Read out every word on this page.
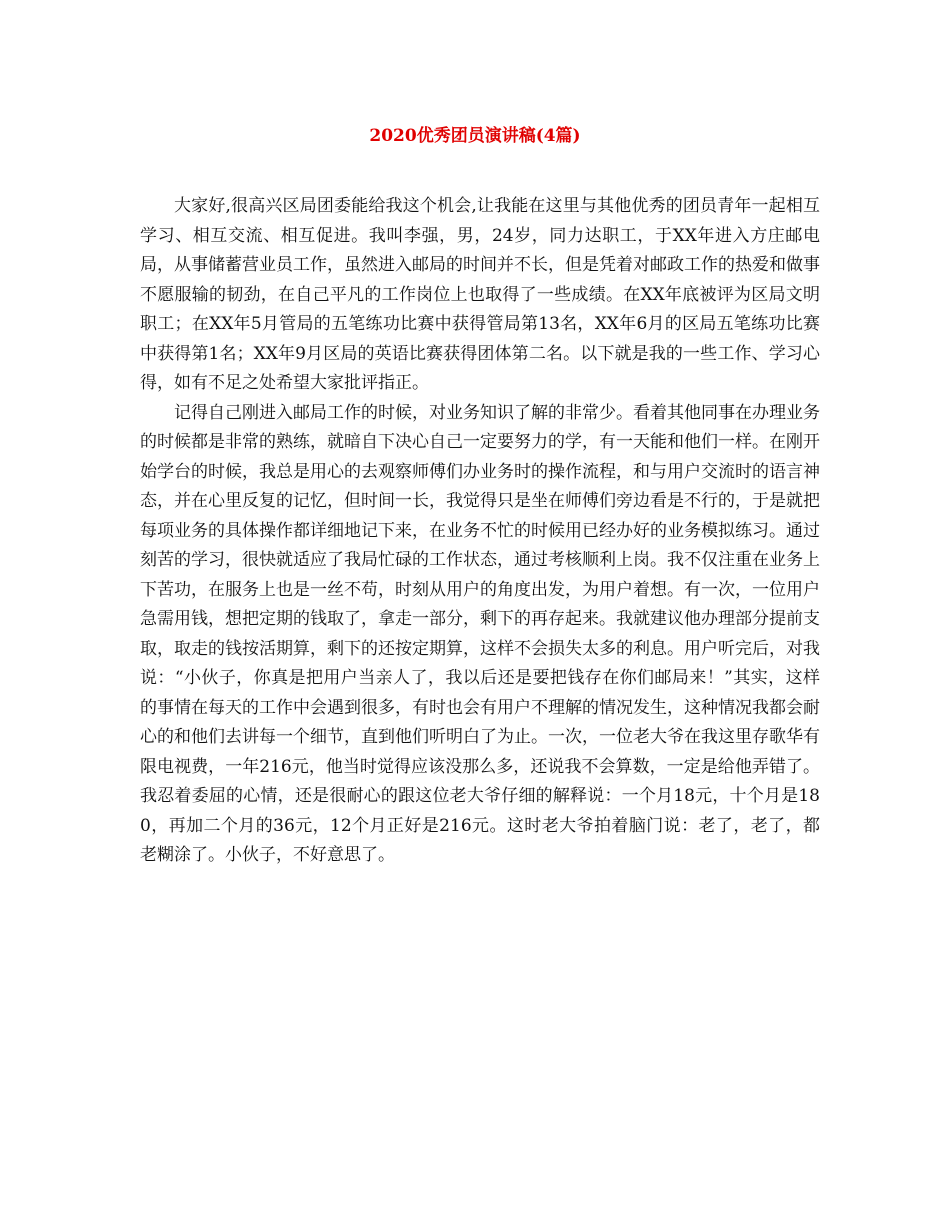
2020优秀团员演讲稿(4篇)

大家好,很高兴区局团委能给我这个机会,让我能在这里与其他优秀的团员青年一起相互学习、相互交流、相互促进。我叫李强，男，24岁，同力达职工，于XX年进入方庄邮电局，从事储蓄营业员工作，虽然进入邮局的时间并不长，但是凭着对邮政工作的热爱和做事不愿服输的韧劲，在自己平凡的工作岗位上也取得了一些成绩。在XX年底被评为区局文明职工；在XX年5月管局的五笔练功比赛中获得管局第13名，XX年6月的区局五笔练功比赛中获得第1名；XX年9月区局的英语比赛获得团体第二名。以下就是我的一些工作、学习心得，如有不足之处希望大家批评指正。

记得自己刚进入邮局工作的时候，对业务知识了解的非常少。看着其他同事在办理业务的时候都是非常的熟练，就暗自下决心自己一定要努力的学，有一天能和他们一样。在刚开始学台的时候，我总是用心的去观察师傅们办业务时的操作流程，和与用户交流时的语言神态，并在心里反复的记忆，但时间一长，我觉得只是坐在师傅们旁边看是不行的，于是就把每项业务的具体操作都详细地记下来，在业务不忙的时候用已经办好的业务模拟练习。通过刻苦的学习，很快就适应了我局忙碌的工作状态，通过考核顺利上岗。我不仅注重在业务上下苦功，在服务上也是一丝不苟，时刻从用户的角度出发，为用户着想。有一次，一位用户急需用钱，想把定期的钱取了，拿走一部分，剩下的再存起来。我就建议他办理部分提前支取，取走的钱按活期算，剩下的还按定期算，这样不会损失太多的利息。用户听完后，对我说：“小伙子，你真是把用户当亲人了，我以后还是要把钱存在你们邮局来！”其实，这样的事情在每天的工作中会遇到很多，有时也会有用户不理解的情况发生，这种情况我都会耐心的和他们去讲每一个细节，直到他们听明白了为止。一次，一位老大爷在我这里存歌华有限电视费，一年216元，他当时觉得应该没那么多，还说我不会算数，一定是给他弄错了。我忍着委屈的心情，还是很耐心的跟这位老大爷仔细的解释说：一个月18元，十个月是180，再加二个月的36元，12个月正好是216元。这时老大爷拍着脑门说：老了，老了，都老糊涂了。小伙子，不好意思了。
